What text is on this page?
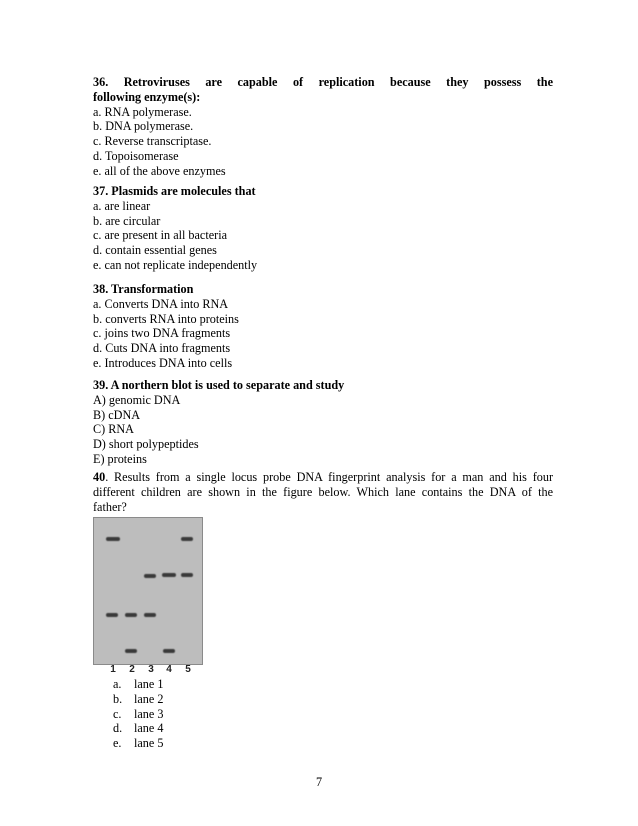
36. Retroviruses are capable of replication because they possess the
following enzyme(s):
a. RNA polymerase.
b. DNA polymerase.
c. Reverse transcriptase.
d. Topoisomerase
e. all of the above enzymes
37. Plasmids are molecules that
a. are linear
b. are circular
c. are present in all bacteria
d. contain essential genes
e. can not replicate independently
38. Transformation
a. Converts DNA into RNA
b. converts RNA into proteins
c. joins two DNA fragments
d. Cuts DNA into fragments
e. Introduces DNA into cells
39. A northern blot is used to separate and study
A) genomic DNA
B) cDNA
C) RNA
D) short polypeptides
E) proteins
40. Results from a single locus probe DNA fingerprint analysis for a man and his four
different children are shown in the figure below. Which lane contains the DNA of the
father?
1	2	3	4	5
a.	lane 1
b. lane 2
c.	lane 3
d. lane 4
e.	lane 5
7
